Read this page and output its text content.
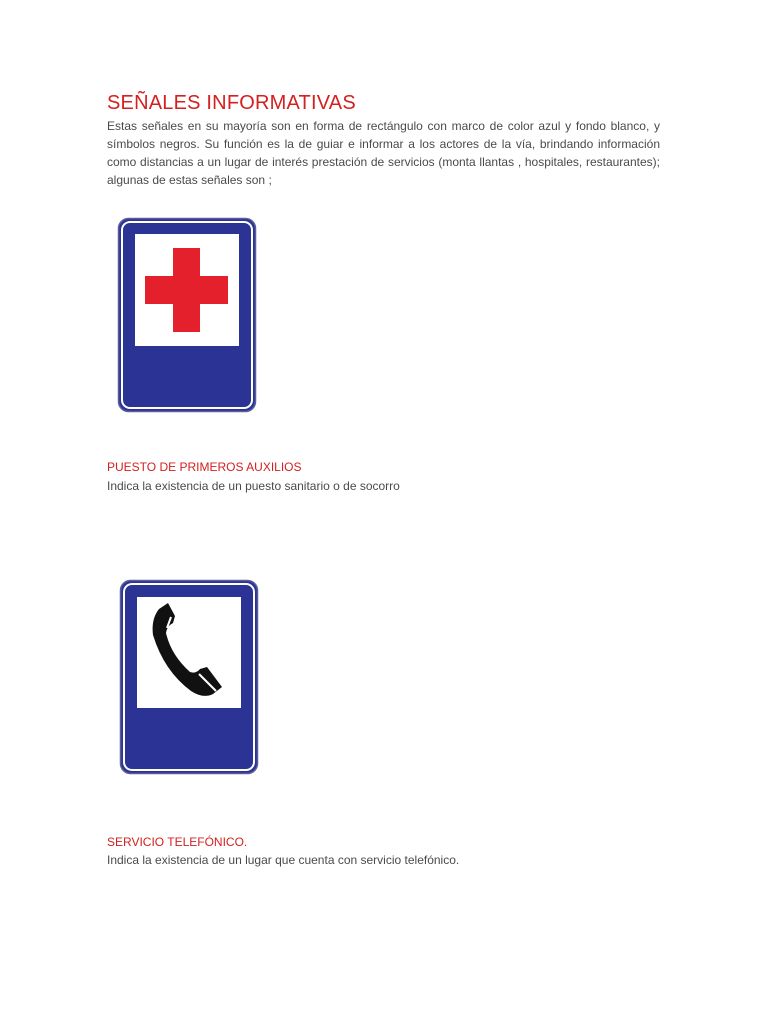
SEÑALES INFORMATIVAS

Estas señales en su mayoría son en forma de rectángulo con marco de color azul y fondo blanco, y símbolos negros. Su función es la de guiar e informar a los actores de la vía, brindando información como distancias a un lugar de interés prestación de servicios (monta llantas , hospitales, restaurantes); algunas de estas señales son ;

PUESTO DE PRIMEROS AUXILIOS

Indica la existencia de un puesto sanitario o de socorro

SERVICIO TELEFÓNICO.

Indica la existencia de un lugar que cuenta con servicio telefónico.
